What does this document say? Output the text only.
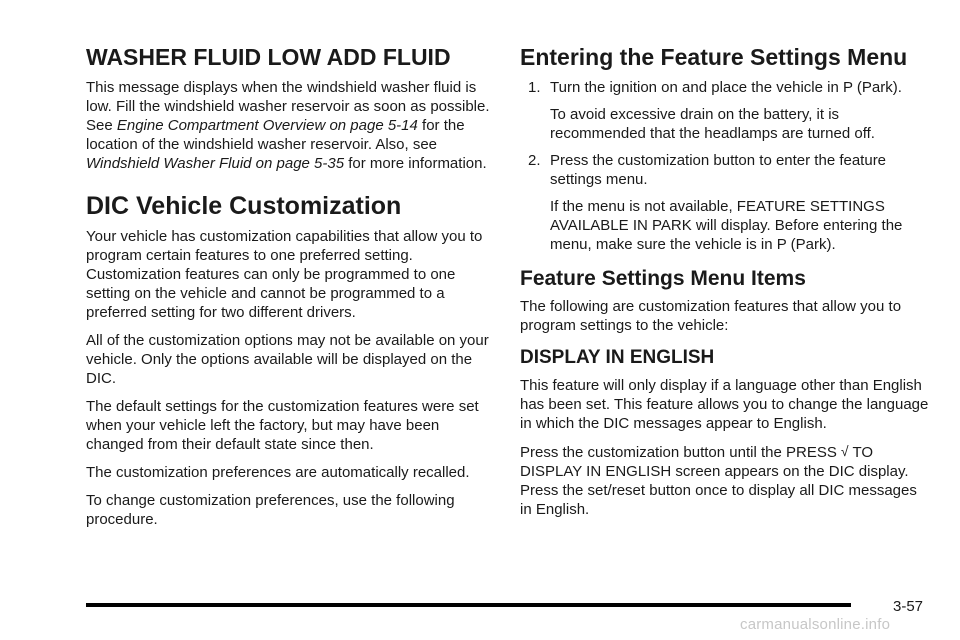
WASHER FLUID LOW ADD FLUID

This message displays when the windshield washer fluid is low. Fill the windshield washer reservoir as soon as possible. See Engine Compartment Overview on page 5-14 for the location of the windshield washer reservoir. Also, see Windshield Washer Fluid on page 5-35 for more information.

DIC Vehicle Customization

Your vehicle has customization capabilities that allow you to program certain features to one preferred setting. Customization features can only be programmed to one setting on the vehicle and cannot be programmed to a preferred setting for two different drivers.

All of the customization options may not be available on your vehicle. Only the options available will be displayed on the DIC.

The default settings for the customization features were set when your vehicle left the factory, but may have been changed from their default state since then.

The customization preferences are automatically recalled.

To change customization preferences, use the following procedure.

Entering the Feature Settings Menu
1. Turn the ignition on and place the vehicle in P (Park).

To avoid excessive drain on the battery, it is recommended that the headlamps are turned off.

2. Press the customization button to enter the feature settings menu.

If the menu is not available, FEATURE SETTINGS AVAILABLE IN PARK will display. Before entering the menu, make sure the vehicle is in P (Park).

Feature Settings Menu Items

The following are customization features that allow you to program settings to the vehicle:

DISPLAY IN ENGLISH

This feature will only display if a language other than English has been set. This feature allows you to change the language in which the DIC messages appear to English.

Press the customization button until the PRESS √ TO DISPLAY IN ENGLISH screen appears on the DIC display. Press the set/reset button once to display all DIC messages in English.

3-57
carmanualsonline.info
